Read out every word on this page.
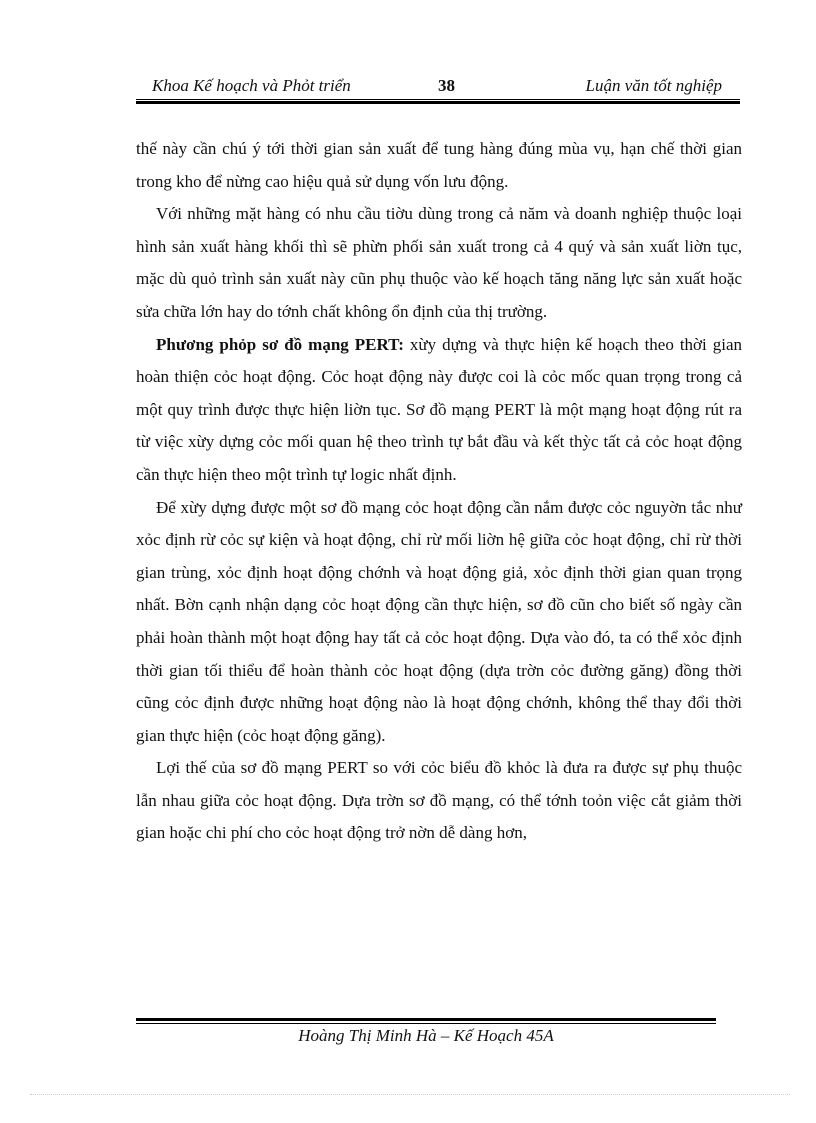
Khoa Kế hoạch và Phỏt triển	38	Luận văn tốt nghiệp

thế này cần chú ý tới thời gian sản xuất để tung hàng đúng mùa vụ, hạn chế thời gian trong kho để nừng cao hiệu quả sử dụng vốn lưu động.

Với những mặt hàng có nhu cầu tiờu dùng trong cả năm và doanh nghiệp thuộc loại hình sản xuất hàng khối thì sẽ phừn phối sản xuất trong cả 4 quý và sản xuất liờn tục, mặc dù quỏ trình sản xuất này cũn phụ thuộc vào kế hoạch tăng năng lực sản xuất hoặc sửa chữa lớn hay do tớnh chất không ổn định của thị trường.

Phương phỏp sơ đồ mạng PERT: xừy dựng và thực hiện kế hoạch theo thời gian hoàn thiện cỏc hoạt động. Cỏc hoạt động này được coi là cỏc mốc quan trọng trong cả một quy trình được thực hiện liờn tục. Sơ đồ mạng PERT là một mạng hoạt động rút ra từ việc xừy dựng cỏc mối quan hệ theo trình tự bắt đầu và kết thỳc tất cả cỏc hoạt động cần thực hiện theo một trình tự logic nhất định.

Để xừy dựng được một sơ đồ mạng cỏc hoạt động cần nắm được cỏc nguyờn tắc như xỏc định rừ cỏc sự kiện và hoạt động, chỉ rừ mối liờn hệ giữa cỏc hoạt động, chỉ rừ thời gian trùng, xỏc định hoạt động chớnh và hoạt động giả, xỏc định thời gian quan trọng nhất. Bờn cạnh nhận dạng cỏc hoạt động cần thực hiện, sơ đồ cũn cho biết số ngày cần phải hoàn thành một hoạt động hay tất cả cỏc hoạt động. Dựa vào đó, ta có thể xỏc định thời gian tối thiểu để hoàn thành cỏc hoạt động (dựa trờn cỏc đường găng) đồng thời cũng cỏc định được những hoạt động nào là hoạt động chớnh, không thể thay đổi thời gian thực hiện (cỏc hoạt động găng).

Lợi thế của sơ đồ mạng PERT so với cỏc biểu đồ khỏc là đưa ra được sự phụ thuộc lẫn nhau giữa cỏc hoạt động. Dựa trờn sơ đồ mạng, có thể tớnh toỏn việc cắt giảm thời gian hoặc chi phí cho cỏc hoạt động trở nờn dễ dàng hơn,

Hoàng Thị Minh Hà – Kế Hoạch 45A
